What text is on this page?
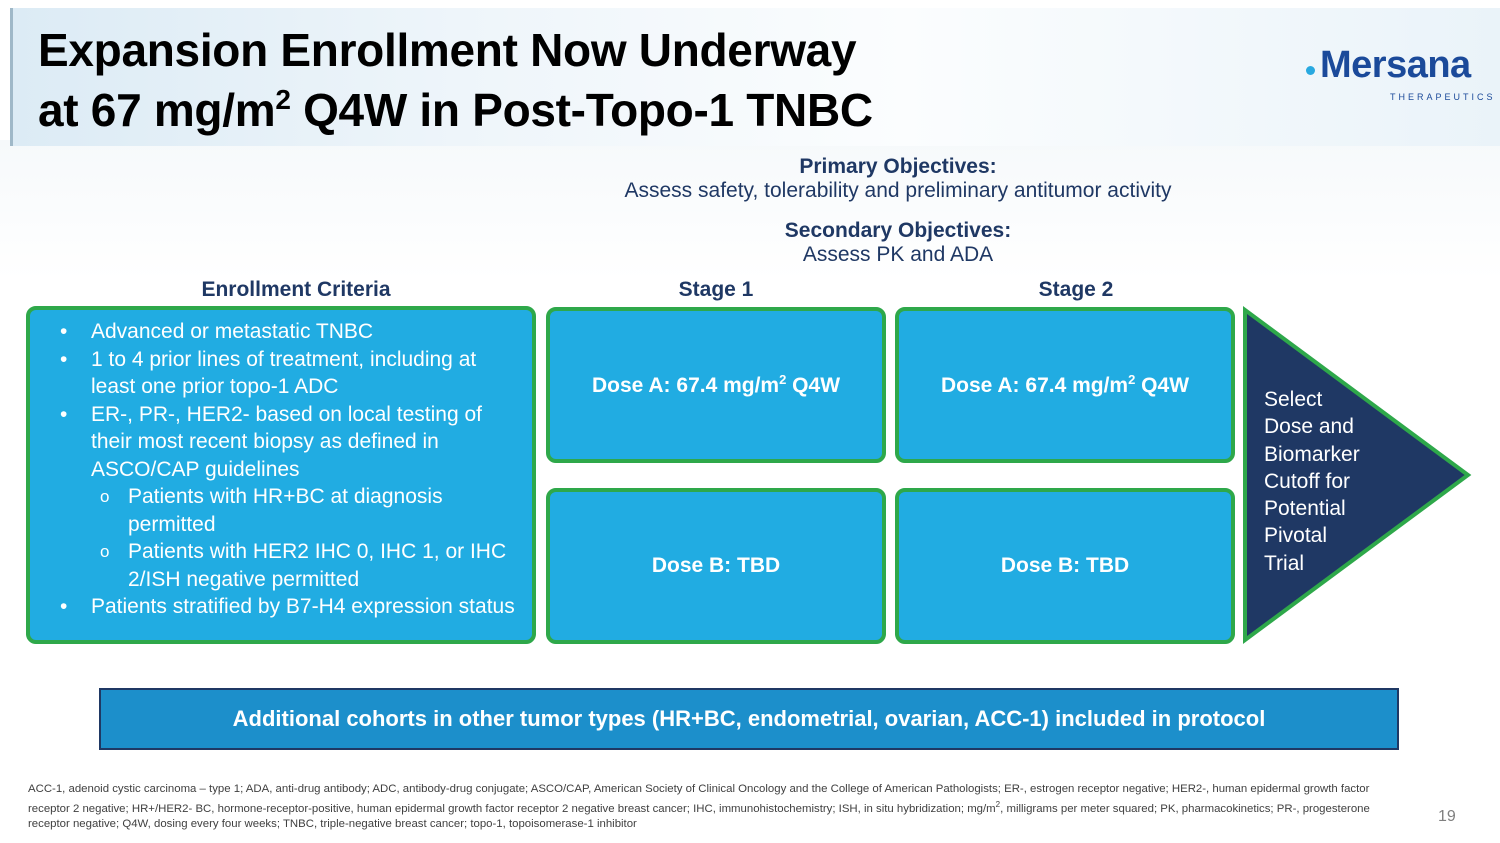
Expansion Enrollment Now Underway
at 67 $mg/m^2$ Q4W in Post-Topo-1 TNBC
Mersana
THERAPEUTICS
Primary Objectives:
Assess safety, tolerability and preliminary antitumor activity
Secondary Objectives:
Assess PK and ADA
Enrollment Criteria	Stage 1	Stage 2
• Advanced or metastatic TNBC
• 1 to 4 prior lines of treatment, including at least one prior topo-1 ADC
• ER-, PR-, HER2- based on local testing of their most recent biopsy as defined in ASCO/CAP guidelines
o Patients with HR+BC at diagnosis permitted
o Patients with HER2 IHC 0, IHC 1, or IHC 2/ISH negative permitted
• Patients stratified by B7-H4 expression status
Dose A: 67.4 $mg/m^2$ Q4W
Dose B: TBD
Dose A: 67.4 $mg/m^2$ Q4W
Dose B: TBD
Select
Dose and
Biomarker
Cutoff for
Potential
Pivotal
Trial
Additional cohorts in other tumor types (HR+BC, endometrial, ovarian, ACC-1) included in protocol
ACC-1, adenoid cystic carcinoma – type 1; ADA, anti-drug antibody; ADC, antibody-drug conjugate; ASCO/CAP, American Society of Clinical Oncology and the College of American Pathologists; ER-, estrogen receptor negative; HER2-, human epidermal growth factor receptor 2 negative; HR+/HER2- BC, hormone-receptor-positive, human epidermal growth factor receptor 2 negative breast cancer; IHC, immunohistochemistry; ISH, in situ hybridization; $mg/m^2$, milligrams per meter squared; PK, pharmacokinetics; PR-, progesterone receptor negative; Q4W, dosing every four weeks; TNBC, triple-negative breast cancer; topo-1, topoisomerase-1 inhibitor	19
